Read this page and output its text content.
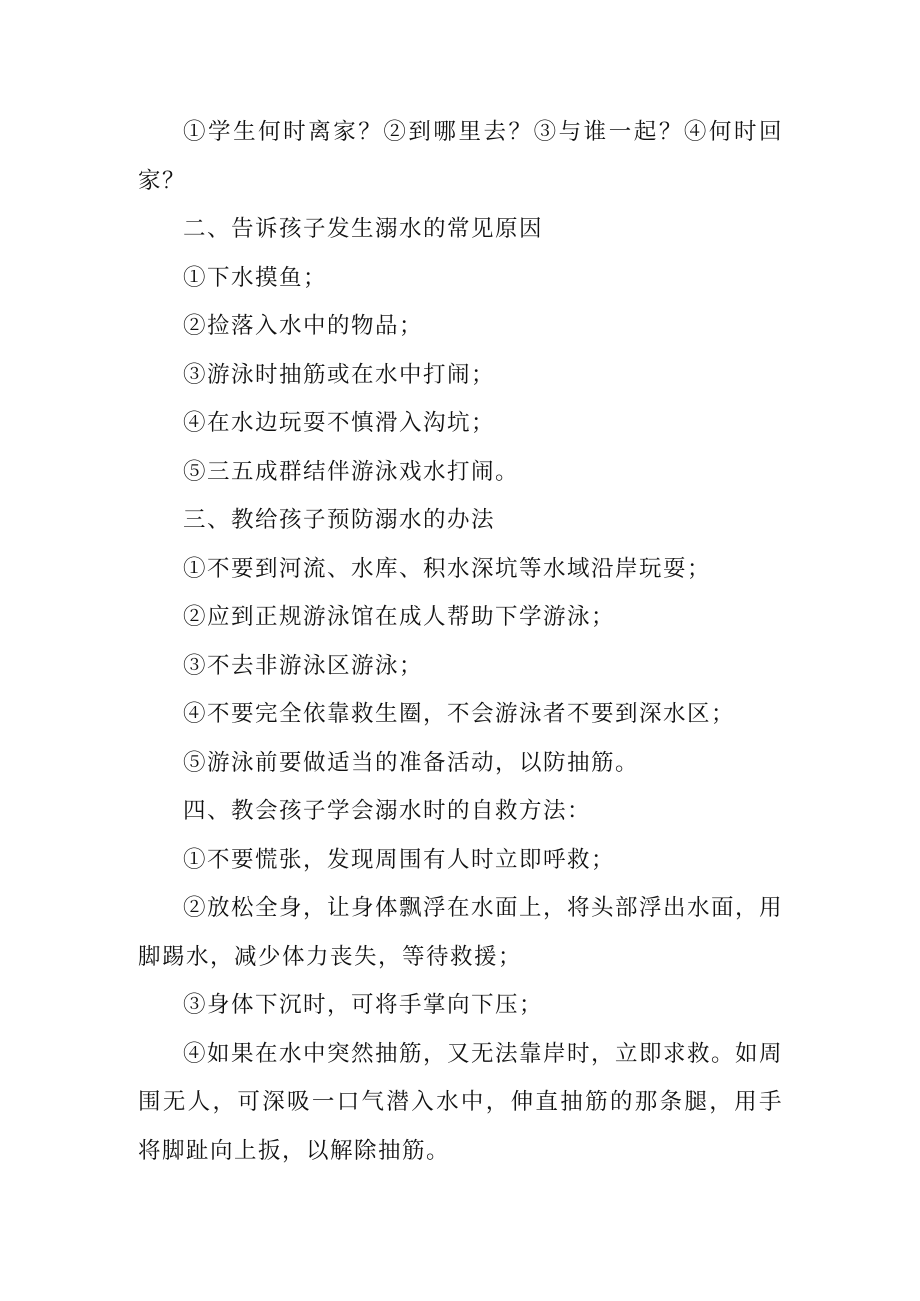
①学生何时离家？②到哪里去？③与谁一起？④何时回家？

二、告诉孩子发生溺水的常见原因

①下水摸鱼；

②捡落入水中的物品；

③游泳时抽筋或在水中打闹；

④在水边玩耍不慎滑入沟坑；

⑤三五成群结伴游泳戏水打闹。

三、教给孩子预防溺水的办法

①不要到河流、水库、积水深坑等水域沿岸玩耍；

②应到正规游泳馆在成人帮助下学游泳；

③不去非游泳区游泳；

④不要完全依靠救生圈，不会游泳者不要到深水区；

⑤游泳前要做适当的准备活动，以防抽筋。

四、教会孩子学会溺水时的自救方法：

①不要慌张，发现周围有人时立即呼救；

②放松全身，让身体飘浮在水面上，将头部浮出水面，用脚踢水，减少体力丧失，等待救援；

③身体下沉时，可将手掌向下压；

④如果在水中突然抽筋，又无法靠岸时，立即求救。如周围无人，可深吸一口气潜入水中，伸直抽筋的那条腿，用手将脚趾向上扳，以解除抽筋。
